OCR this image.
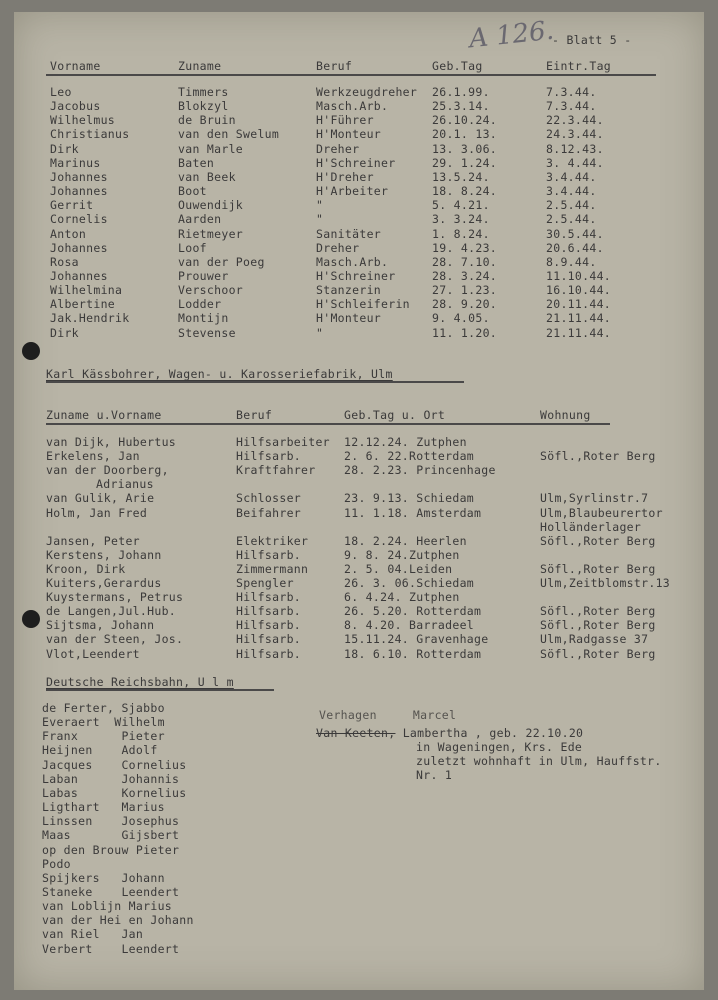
A 126.
- Blatt 5 -
Vorname	Zuname	Beruf	Geb.Tag	Eintr.Tag
Leo	Timmers	Werkzeugdreher 26.1.99.	7.3.44.
Jacobus	Blokzyl	Masch.Arb.	25.3.14.	7.3.44.
Wilhelmus	de Bruin	H'Führer	26.10.24.	22.3.44.
Christianus	van den Swelum	H'Monteur	20.1. 13.	24.3.44.
Dirk	van Marle	Dreher	13. 3.06.	8.12.43.
Marinus	Baten	H'Schreiner	29. 1.24.	3. 4.44.
Johannes	van Beek	H'Dreher	13.5.24.	3.4.44.
Johannes	Boot	H'Arbeiter	18. 8.24.	3.4.44.
Gerrit	Ouwendijk	"	5. 4.21.	2.5.44.
Cornelis	Aarden	"	3. 3.24.	2.5.44.
Anton	Rietmeyer	Sanitäter	1. 8.24.	30.5.44.
Johannes	Loof	Dreher	19. 4.23.	20.6.44.
Rosa	van der Poeg	Masch.Arb.	28. 7.10.	8.9.44.
Johannes	Prouwer	H'Schreiner	28. 3.24.	11.10.44.
Wilhelmina	Verschoor	Stanzerin	27. 1.23.	16.10.44.
Albertine	Lodder	H'Schleiferin 28. 9.20.	20.11.44.
Jak.Hendrik	Montijn	H'Monteur	9. 4.05.	21.11.44.
Dirk	Stevense	"	11. 1.20.	21.11.44.
Karl Kässbohrer, Wagen- u. Karosseriefabrik, Ulm
Zuname u.Vorname	Beruf	Geb.Tag u. Ort	Wohnung
van Dijk, Hubertus	Hilfsarbeiter 12.12.24. Zutphen
Erkelens, Jan	Hilfsarb.	2. 6. 22.Rotterdam	Söfl.,Roter Berg
van der Doorberg,	Kraftfahrer 28. 2.23. Princenhage
Adrianus
van Gulik, Arie	Schlosser	23. 9.13. Schiedam	Ulm,Syrlinstr.7
Holm, Jan Fred	Beifahrer	11. 1.18. Amsterdam	Ulm,Blaubeurertor
Holländerlager
Jansen, Peter	Elektriker	18. 2.24. Heerlen	Söfl.,Roter Berg
Kerstens, Johann	Hilfsarb.	9. 8. 24.Zutphen
Kroon, Dirk	Zimmermann	2. 5. 04.Leiden	Söfl.,Roter Berg
Kuiters,Gerardus	Spengler	26. 3. 06.Schiedam	Ulm,Zeitblomstr.13
Kuystermans, Petrus	Hilfsarb.	6. 4.24. Zutphen
de Langen,Jul.Hub.	Hilfsarb.	26. 5.20. Rotterdam	Söfl.,Roter Berg
Sijtsma, Johann	Hilfsarb.	8. 4.20. Barradeel	Söfl.,Roter Berg
van der Steen, Jos.	Hilfsarb.	15.11.24. Gravenhage	Ulm,Radgasse 37
Vlot,Leendert	Hilfsarb.	18. 6.10. Rotterdam	Söfl.,Roter Berg
Deutsche Reichsbahn, U l m
de Ferter, Sjabbo
Everaert  Wilhelm
Franx      Pieter
Heijnen    Adolf
Jacques    Cornelius
Laban      Johannis
Labas      Kornelius
Ligthart   Marius
Linssen    Josephus
Maas       Gijsbert
op den Brouw Pieter
Podo
Spijkers   Johann
Staneke    Leendert
van Loblijn Marius
van der Hei en Johann
van Riel   Jan
Verbert    Leendert
Verhagen     Marcel
Van Keeten, Lambertha , geb. 22.10.20
in Wageningen, Krs. Ede
zuletzt wohnhaft in Ulm, Hauffstr.
Nr. 1
